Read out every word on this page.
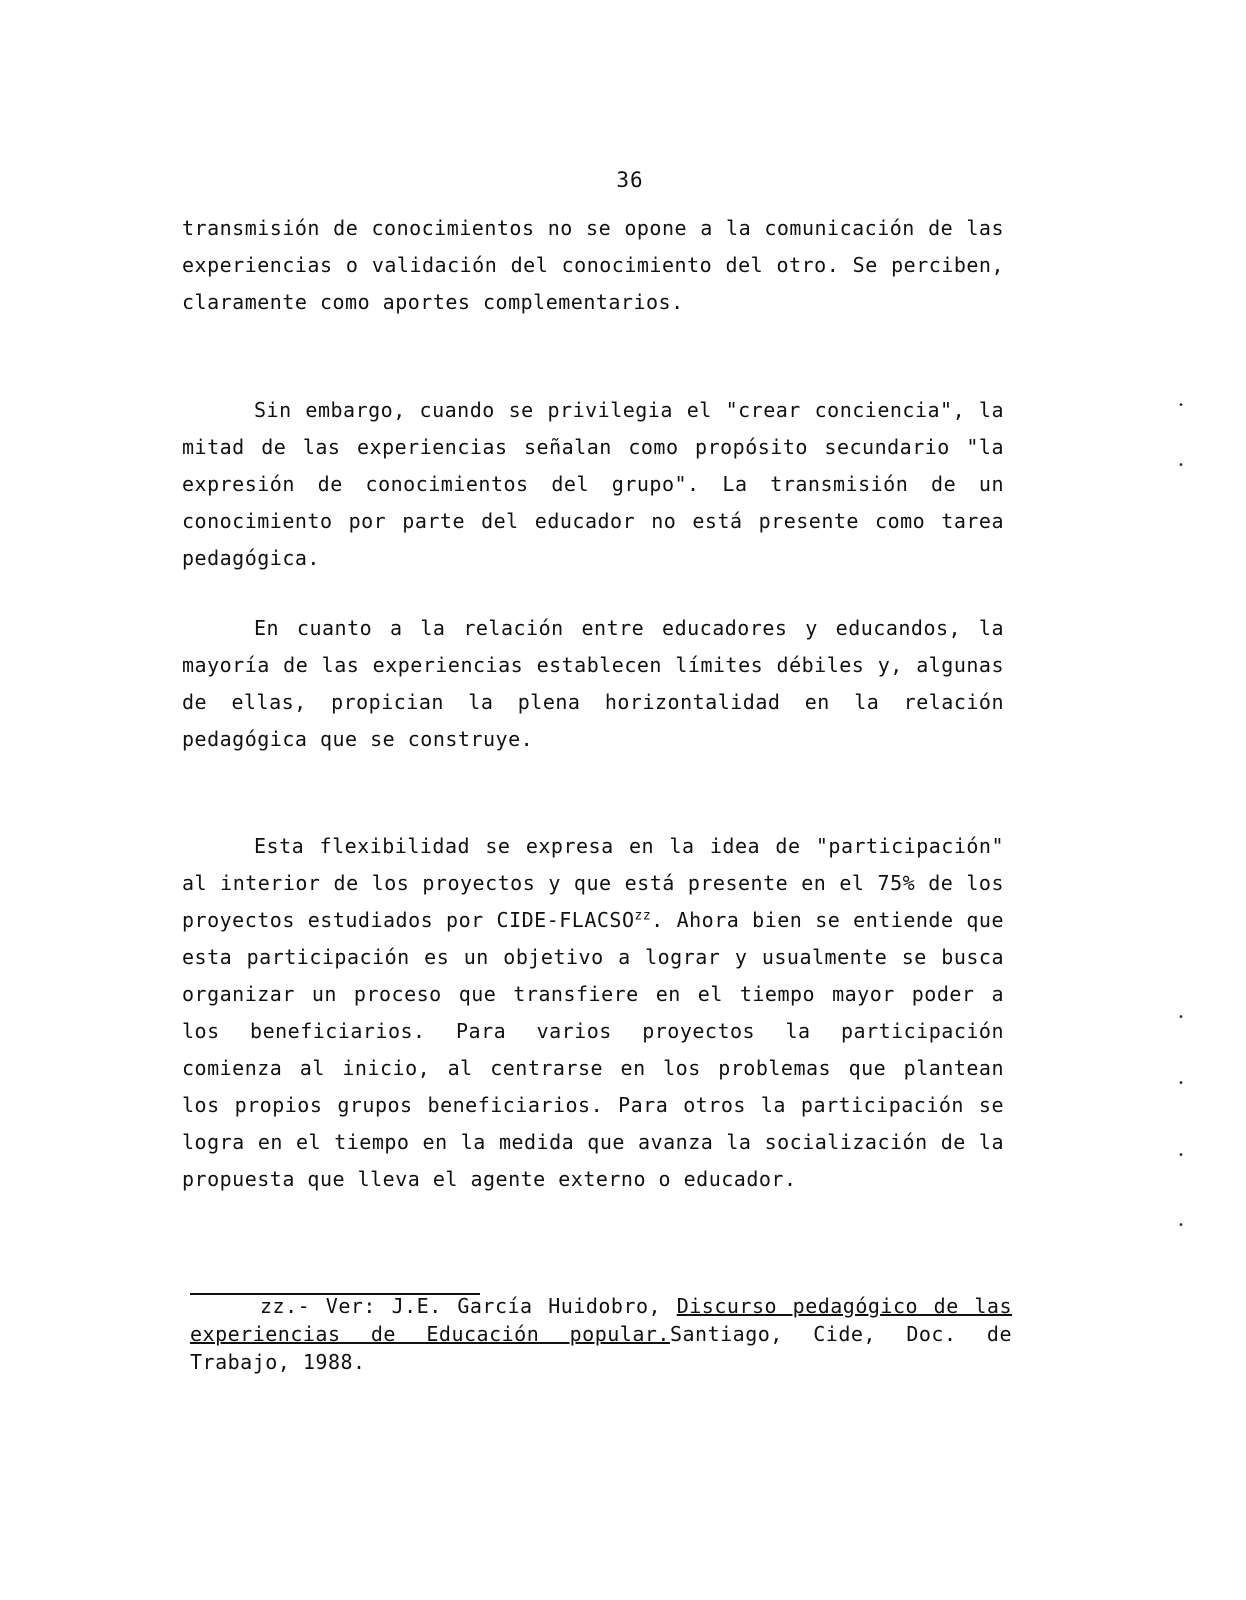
36

transmisión de conocimientos no se opone a la comunicación de las experiencias o validación del conocimiento del otro. Se perciben, claramente como aportes complementarios.

Sin embargo, cuando se privilegia el "crear conciencia", la mitad de las experiencias señalan como propósito secundario "la expresión de conocimientos del grupo". La transmisión de un conocimiento por parte del educador no está presente como tarea pedagógica.

En cuanto a la relación entre educadores y educandos, la mayoría de las experiencias establecen límites débiles y, algunas de ellas, propician la plena horizontalidad en la relación pedagógica que se construye.

Esta flexibilidad se expresa en la idea de "participación" al interior de los proyectos y que está presente en el 75% de los proyectos estudiados por CIDE-FLACSO$^{zz}$. Ahora bien se entiende que esta participación es un objetivo a lograr y usualmente se busca organizar un proceso que transfiere en el tiempo mayor poder a los beneficiarios. Para varios proyectos la participación comienza al inicio, al centrarse en los problemas que plantean los propios grupos beneficiarios. Para otros la participación se logra en el tiempo en la medida que avanza la socialización de la propuesta que lleva el agente externo o educador.

zz.- Ver: J.E. García Huidobro, Discurso pedagógico de las experiencias de Educación popular.Santiago, Cide, Doc. de Trabajo, 1988.

•
•
•
•
•
•
